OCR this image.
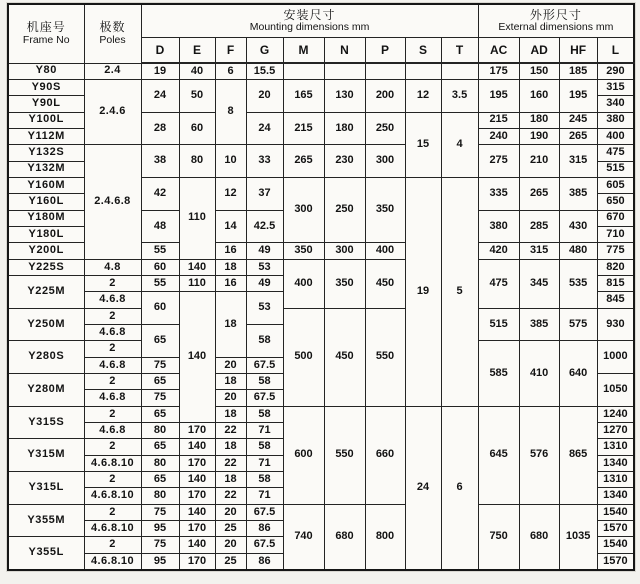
机座号
Frame No

极数
Poles

安装尺寸
Mounting dimensions mm

外形尺寸
External dimensions mm

		D	E	F	G	M	N	P	S	T	AC	AD	HF	L
Y80	2.4	19	40	6	15.5						175	150	185	290
Y90S	2.4.6	24	50	8	20	165	130	200	12	3.5	195	160	195	315
Y90L														340
Y100L		28	60		24	215	180	250	15	4	215	180	245	380
Y112M											240	190	265	400
Y132S	2.4.6.8	38	80	10	33	265	230	300			275	210	315	475
Y132M														515
Y160M		42	110	12	37	300	250	350	19	5	335	265	385	605
Y160L														650
Y180M		48		14	42.5						380	285	430	670
Y180L														710
Y200L		55		16	49	350	300	400			420	315	480	775
Y225S	4.8	60	140	18	53	400	350	450			475	345	535	820
Y225M	2	55	110	16	49									815
	4.6.8	60	140	18	53									845
Y250M	2					500	450	550			515	385	575	930
	4.6.8	65			58									
Y280S	2										585	410	640	1000
	4.6.8	75		20	67.5									
Y280M	2	65		18	58									1050
	4.6.8	75		20	67.5									
Y315S	2	65		18	58	600	550	660	24	6	645	576	865	1240
	4.6.8	80	170	22	71									1270
Y315M	2	65	140	18	58									1310
	4.6.8.10	80	170	22	71									1340
Y315L	2	65	140	18	58									1310
	4.6.8.10	80	170	22	71									1340
Y355M	2	75	140	20	67.5	740	680	800			750	680	1035	1540
	4.6.8.10	95	170	25	86									1570
Y355L	2	75	140	20	67.5									1540
	4.6.8.10	95	170	25	86									1570
